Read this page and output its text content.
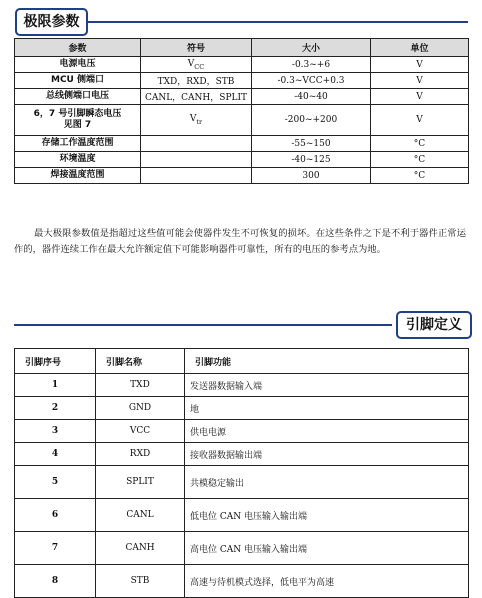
极限参数
参数	符号	大小	单位
电源电压	$V_{CC}$	-0.3~+6	V
MCU 侧端口	TXD，RXD，STB	-0.3~VCC+0.3	V
总线侧端口电压	CANL，CANH，SPLIT	-40~40	V
6，7 号引脚瞬态电压见图 7	$V_{tr}$	-200~+200	V
存储工作温度范围		-55~150	°C
环境温度		-40~125	°C
焊接温度范围		300	°C

最大极限参数值是指超过这些值可能会使器件发生不可恢复的损坏。在这些条件之下是不利于器件正常运作的，器件连续工作在最大允许额定值下可能影响器件可靠性，所有的电压的参考点为地。

引脚定义
引脚序号	引脚名称	引脚功能
1	TXD	发送器数据输入端
2	GND	地
3	VCC	供电电源
4	RXD	接收器数据输出端
5	SPLIT	共模稳定输出
6	CANL	低电位 CAN 电压输入输出端
7	CANH	高电位 CAN 电压输入输出端
8	STB	高速与待机模式选择，低电平为高速
